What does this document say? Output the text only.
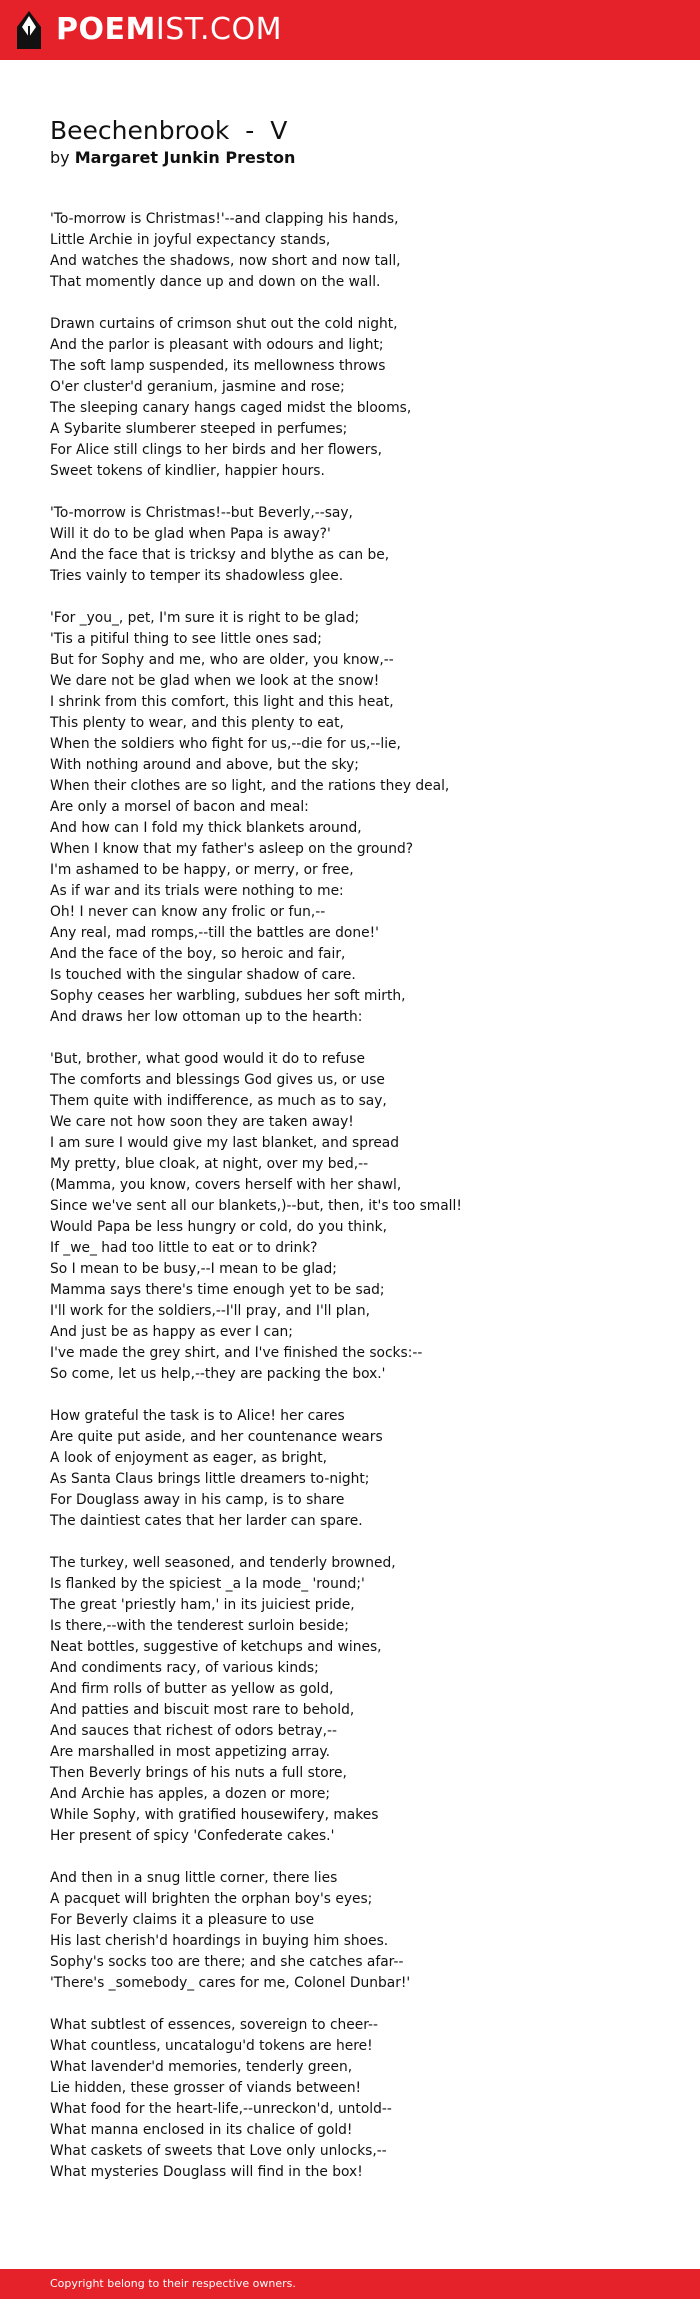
POEMIST.COM
Beechenbrook  -  V

by Margaret Junkin Preston

'To-morrow is Christmas!'--and clapping his hands,
Little Archie in joyful expectancy stands,
And watches the shadows, now short and now tall,
That momently dance up and down on the wall.
Drawn curtains of crimson shut out the cold night,
And the parlor is pleasant with odours and light;
The soft lamp suspended, its mellowness throws
O'er cluster'd geranium, jasmine and rose;
The sleeping canary hangs caged midst the blooms,
A Sybarite slumberer steeped in perfumes;
For Alice still clings to her birds and her flowers,
Sweet tokens of kindlier, happier hours.
'To-morrow is Christmas!--but Beverly,--say,
Will it do to be glad when Papa is away?'
And the face that is tricksy and blythe as can be,
Tries vainly to temper its shadowless glee.
'For _you_, pet, I'm sure it is right to be glad;
'Tis a pitiful thing to see little ones sad;
But for Sophy and me, who are older, you know,--
We dare not be glad when we look at the snow!
I shrink from this comfort, this light and this heat,
This plenty to wear, and this plenty to eat,
When the soldiers who fight for us,--die for us,--lie,
With nothing around and above, but the sky;
When their clothes are so light, and the rations they deal,
Are only a morsel of bacon and meal:
And how can I fold my thick blankets around,
When I know that my father's asleep on the ground?
I'm ashamed to be happy, or merry, or free,
As if war and its trials were nothing to me:
Oh! I never can know any frolic or fun,--
Any real, mad romps,--till the battles are done!'
And the face of the boy, so heroic and fair,
Is touched with the singular shadow of care.
Sophy ceases her warbling, subdues her soft mirth,
And draws her low ottoman up to the hearth:
'But, brother, what good would it do to refuse
The comforts and blessings God gives us, or use
Them quite with indifference, as much as to say,
We care not how soon they are taken away!
I am sure I would give my last blanket, and spread
My pretty, blue cloak, at night, over my bed,--
(Mamma, you know, covers herself with her shawl,
Since we've sent all our blankets,)--but, then, it's too small!
Would Papa be less hungry or cold, do you think,
If _we_ had too little to eat or to drink?
So I mean to be busy,--I mean to be glad;
Mamma says there's time enough yet to be sad;
I'll work for the soldiers,--I'll pray, and I'll plan,
And just be as happy as ever I can;
I've made the grey shirt, and I've finished the socks:--
So come, let us help,--they are packing the box.'
How grateful the task is to Alice! her cares
Are quite put aside, and her countenance wears
A look of enjoyment as eager, as bright,
As Santa Claus brings little dreamers to-night;
For Douglass away in his camp, is to share
The daintiest cates that her larder can spare.
The turkey, well seasoned, and tenderly browned,
Is flanked by the spiciest _a la mode_ 'round;'
The great 'priestly ham,' in its juiciest pride,
Is there,--with the tenderest surloin beside;
Neat bottles, suggestive of ketchups and wines,
And condiments racy, of various kinds;
And firm rolls of butter as yellow as gold,
And patties and biscuit most rare to behold,
And sauces that richest of odors betray,--
Are marshalled in most appetizing array.
Then Beverly brings of his nuts a full store,
And Archie has apples, a dozen or more;
While Sophy, with gratified housewifery, makes
Her present of spicy 'Confederate cakes.'
And then in a snug little corner, there lies
A pacquet will brighten the orphan boy's eyes;
For Beverly claims it a pleasure to use
His last cherish'd hoardings in buying him shoes.
Sophy's socks too are there; and she catches afar--
'There's _somebody_ cares for me, Colonel Dunbar!'
What subtlest of essences, sovereign to cheer--
What countless, uncatalogu'd tokens are here!
What lavender'd memories, tenderly green,
Lie hidden, these grosser of viands between!
What food for the heart-life,--unreckon'd, untold--
What manna enclosed in its chalice of gold!
What caskets of sweets that Love only unlocks,--
What mysteries Douglass will find in the box!
Copyright belong to their respective owners.
